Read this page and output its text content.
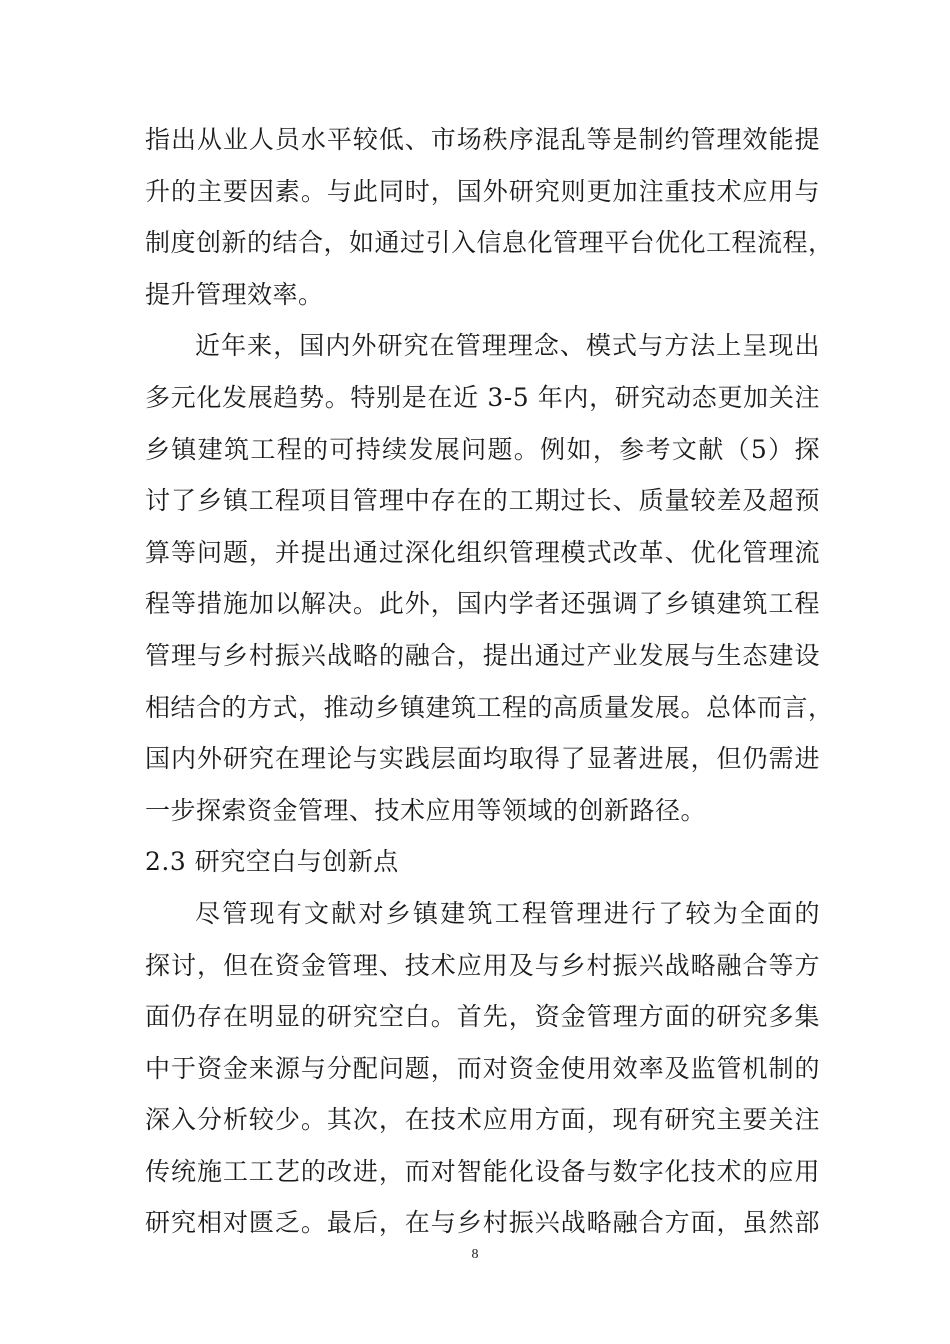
指出从业人员水平较低、市场秩序混乱等是制约管理效能提
升的主要因素。与此同时，国外研究则更加注重技术应用与
制度创新的结合，如通过引入信息化管理平台优化工程流程，
提升管理效率。
近年来，国内外研究在管理理念、模式与方法上呈现出
多元化发展趋势。特别是在近 3-5 年内，研究动态更加关注
乡镇建筑工程的可持续发展问题。例如，参考文献（5）探
讨了乡镇工程项目管理中存在的工期过长、质量较差及超预
算等问题，并提出通过深化组织管理模式改革、优化管理流
程等措施加以解决。此外，国内学者还强调了乡镇建筑工程
管理与乡村振兴战略的融合，提出通过产业发展与生态建设
相结合的方式，推动乡镇建筑工程的高质量发展。总体而言，
国内外研究在理论与实践层面均取得了显著进展，但仍需进
一步探索资金管理、技术应用等领域的创新路径。
2.3 研究空白与创新点
尽管现有文献对乡镇建筑工程管理进行了较为全面的
探讨，但在资金管理、技术应用及与乡村振兴战略融合等方
面仍存在明显的研究空白。首先，资金管理方面的研究多集
中于资金来源与分配问题，而对资金使用效率及监管机制的
深入分析较少。其次，在技术应用方面，现有研究主要关注
传统施工工艺的改进，而对智能化设备与数字化技术的应用
研究相对匮乏。最后，在与乡村振兴战略融合方面，虽然部
8
